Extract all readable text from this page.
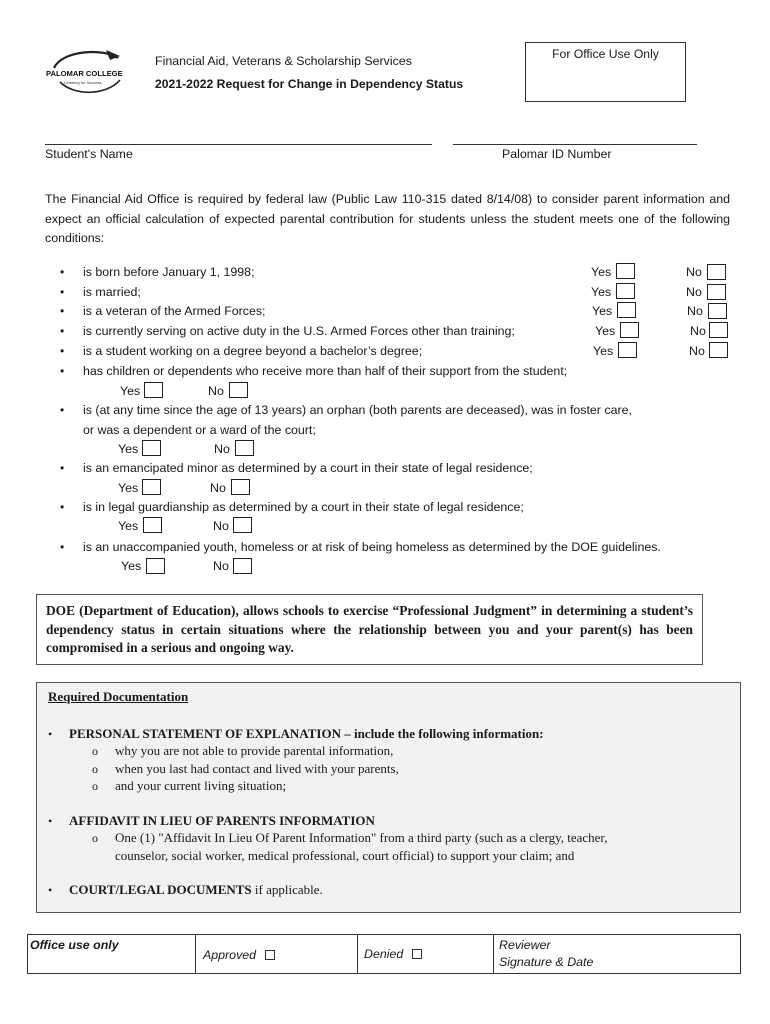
PALOMAR COLLEGE
Learning for Success
Financial Aid, Veterans & Scholarship Services
2021-2022 Request for Change in Dependency Status
For Office Use Only
Student's Name	Palomar ID Number
The Financial Aid Office is required by federal law (Public Law 110-315 dated 8/14/08) to consider parent information and expect an official calculation of expected parental contribution for students unless the student meets one of the following conditions:
• is born before January 1, 1998;	Yes	No
• is married;	Yes	No
• is a veteran of the Armed Forces;	Yes	No
• is currently serving on active duty in the U.S. Armed Forces other than training;	Yes	No
• is a student working on a degree beyond a bachelor’s degree;	Yes	No
• has children or dependents who receive more than half of their support from the student;
Yes	No
• is (at any time since the age of 13 years) an orphan (both parents are deceased), was in foster care,
or was a dependent or a ward of the court;
Yes	No
• is an emancipated minor as determined by a court in their state of legal residence;
Yes	No
• is in legal guardianship as determined by a court in their state of legal residence;
Yes	No
• is an unaccompanied youth, homeless or at risk of being homeless as determined by the DOE guidelines.
Yes	No

DOE (Department of Education), allows schools to exercise “Professional Judgment” in determining a student’s dependency status in certain situations where the relationship between you and your parent(s) has been compromised in a serious and ongoing way.

Required Documentation
• PERSONAL STATEMENT OF EXPLANATION – include the following information:
o why you are not able to provide parental information,
o when you last had contact and lived with your parents,
o and your current living situation;
• AFFIDAVIT IN LIEU OF PARENTS INFORMATION
o One (1) "Affidavit In Lieu Of Parent Information" from a third party (such as a clergy, teacher,
counselor, social worker, medical professional, court official) to support your claim; and
• COURT/LEGAL DOCUMENTS if applicable.
Office use only
Approved	Denied
Reviewer
Signature & Date
